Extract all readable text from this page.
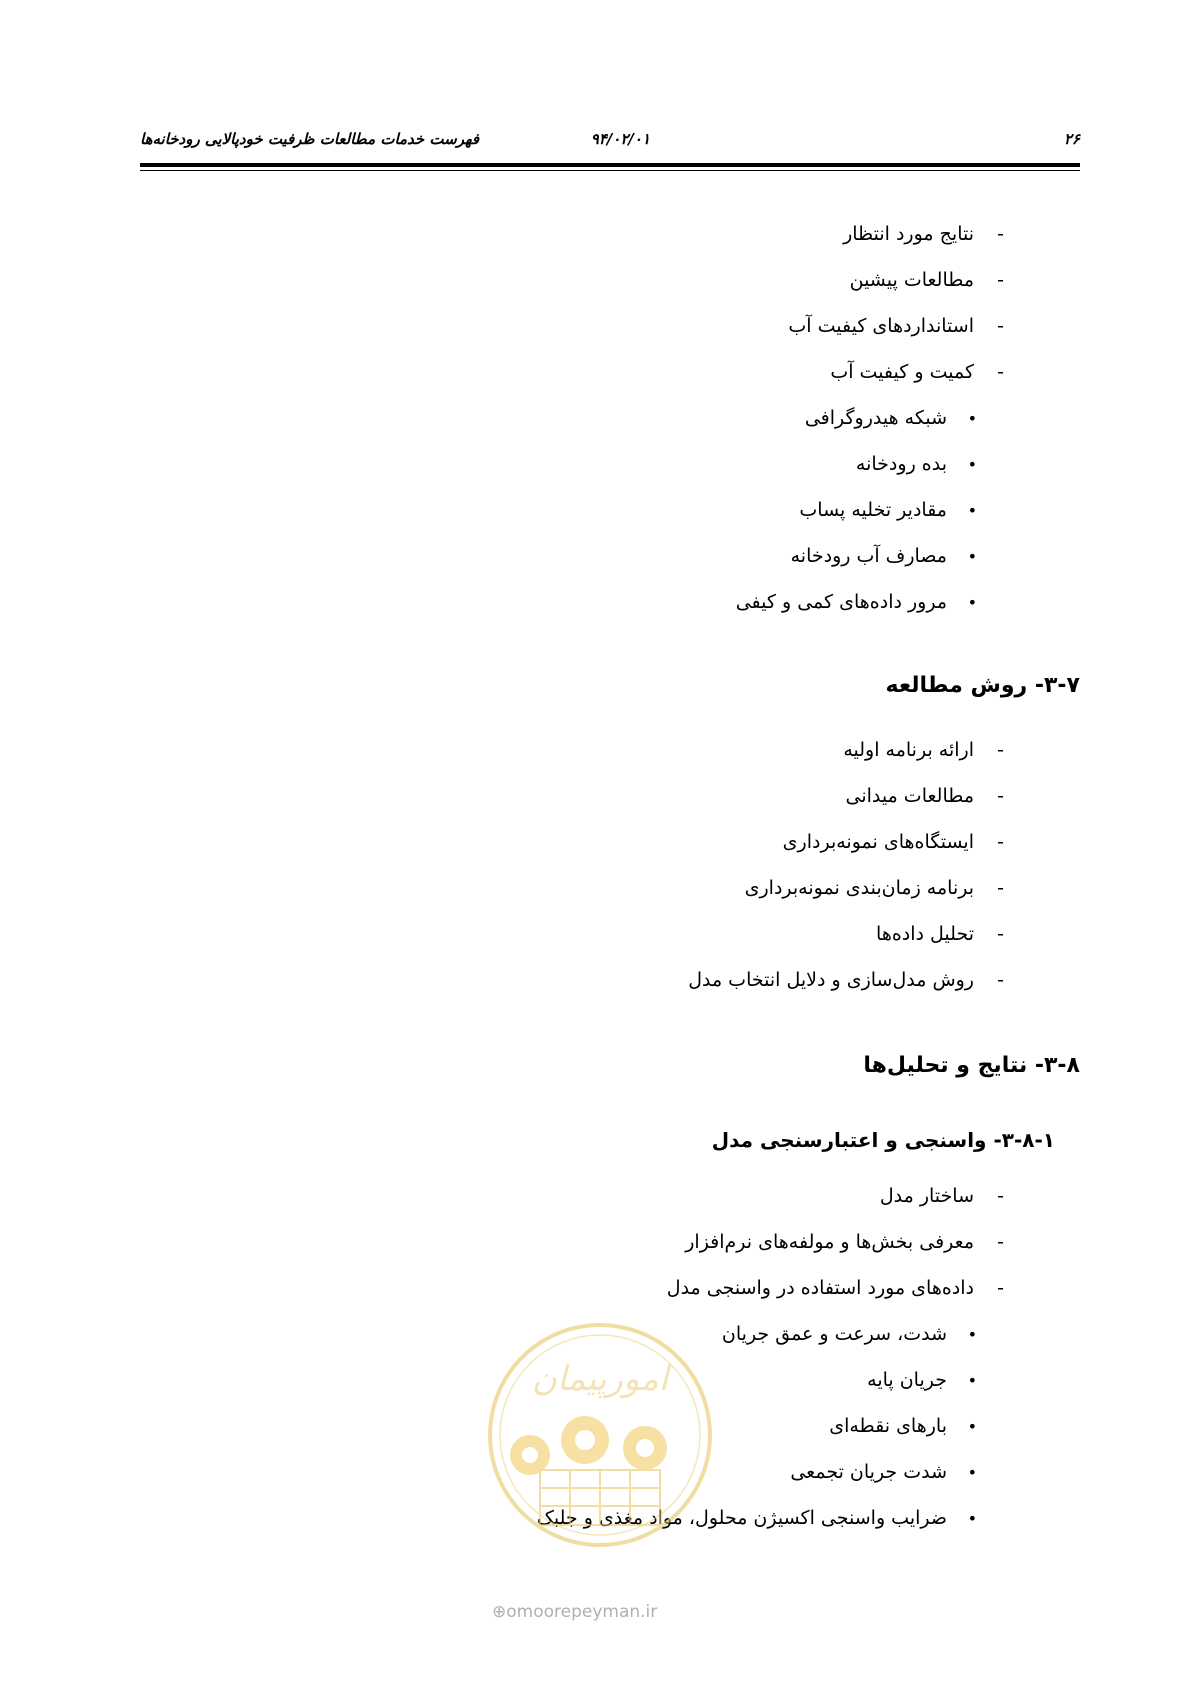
۲۶
۹۴/۰۲/۰۱
فهرست خدمات مطالعات ظرفیت خودپالایی رودخانه‌ها
-نتایج مورد انتظار
-مطالعات پیشین
-استانداردهای کیفیت آب
-کمیت و کیفیت آب
•شبکه هیدروگرافی
•بده رودخانه
•مقادیر تخلیه پساب
•مصارف آب رودخانه
•مرور داده‌های کمی و کیفی
۳-۷- روش مطالعه
-ارائه برنامه اولیه
-مطالعات میدانی
-ایستگاه‌های نمونه‌برداری
-برنامه زمان‌بندی نمونه‌برداری
-تحلیل داده‌ها
-روش مدل‌سازی و دلایل انتخاب مدل
۳-۸- نتایج و تحلیل‌ها
۳-۸-۱- واسنجی و اعتبارسنجی مدل
-ساختار مدل
-معرفی بخش‌ها و مولفه‌های نرم‌افزار
-داده‌های مورد استفاده در واسنجی مدل
•شدت، سرعت و عمق جریان
•جریان پایه
•بارهای نقطه‌ای
•شدت جریان تجمعی
•ضرایب واسنجی اکسیژن محلول، مواد مغذی و جلبک
امورپیمان
⊕omoorepeyman.ir
